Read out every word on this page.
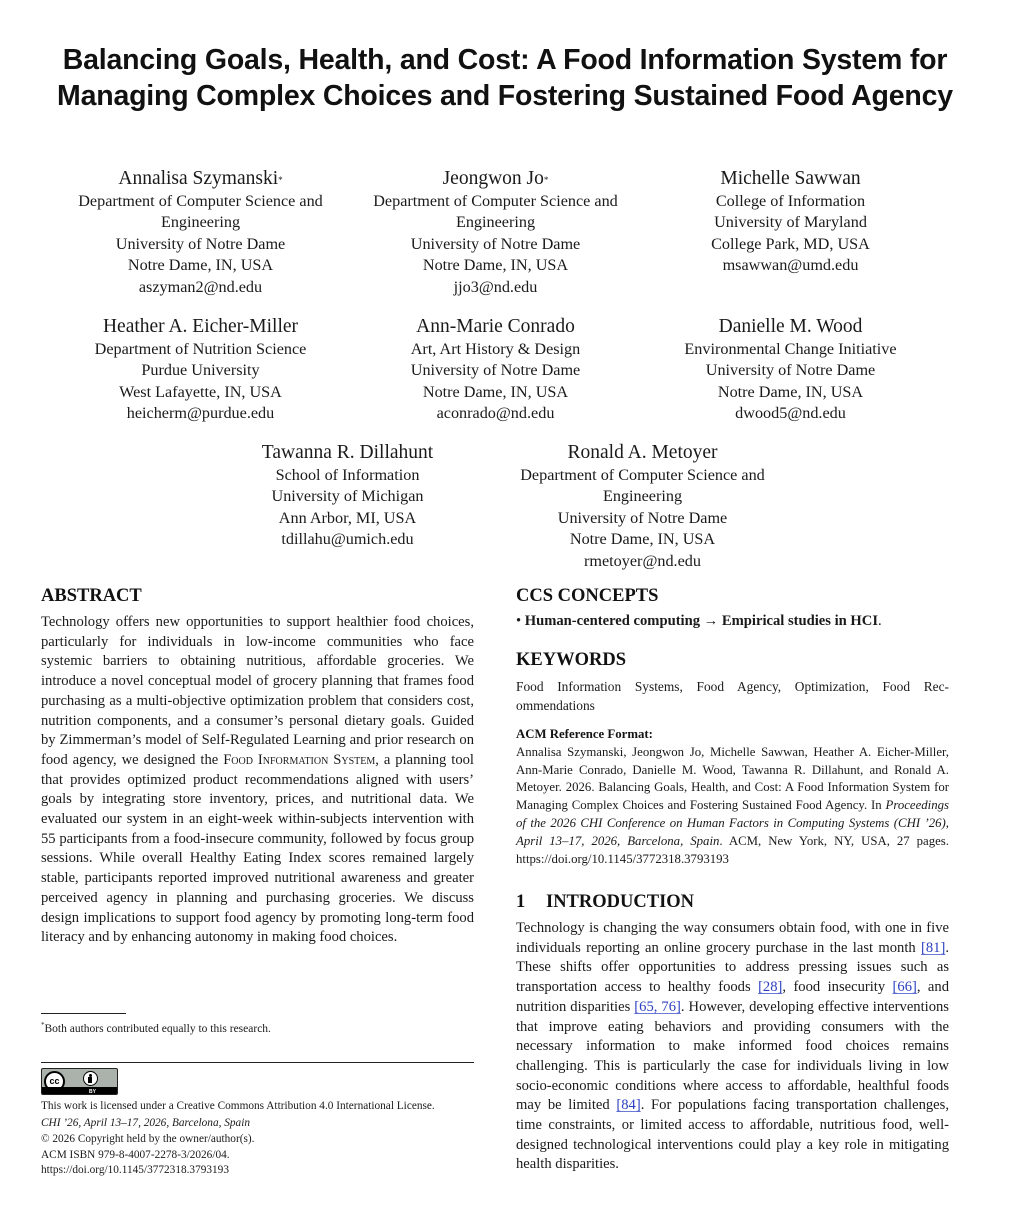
Balancing Goals, Health, and Cost: A Food Information System for Managing Complex Choices and Fostering Sustained Food Agency
Annalisa Szymanski*
Department of Computer Science and
Engineering
University of Notre Dame
Notre Dame, IN, USA
aszyman2@nd.edu
Jeongwon Jo*
Department of Computer Science and
Engineering
University of Notre Dame
Notre Dame, IN, USA
jjo3@nd.edu
Michelle Sawwan
College of Information
University of Maryland
College Park, MD, USA
msawwan@umd.edu
Heather A. Eicher-Miller
Department of Nutrition Science
Purdue University
West Lafayette, IN, USA
heicherm@purdue.edu
Ann-Marie Conrado
Art, Art History & Design
University of Notre Dame
Notre Dame, IN, USA
aconrado@nd.edu
Danielle M. Wood
Environmental Change Initiative
University of Notre Dame
Notre Dame, IN, USA
dwood5@nd.edu
Tawanna R. Dillahunt
School of Information
University of Michigan
Ann Arbor, MI, USA
tdillahu@umich.edu
Ronald A. Metoyer
Department of Computer Science and
Engineering
University of Notre Dame
Notre Dame, IN, USA
rmetoyer@nd.edu
ABSTRACT

Technology offers new opportunities to support healthier food choices, particularly for individuals in low-income communities who face systemic barriers to obtaining nutritious, affordable groceries. We introduce a novel conceptual model of grocery planning that frames food purchasing as a multi-objective optimization problem that considers cost, nutrition components, and a consumer’s personal dietary goals. Guided by Zimmerman’s model of Self-Regulated Learning and prior research on food agency, we designed the Food Information System, a planning tool that provides optimized product recommendations aligned with users’ goals by integrating store inventory, prices, and nutritional data. We evaluated our system in an eight-week within-subjects intervention with 55 participants from a food-insecure community, followed by focus group sessions. While overall Healthy Eating Index scores remained largely stable, participants reported improved nutritional awareness and greater perceived agency in planning and purchasing groceries. We discuss design implications to support food agency by promoting long-term food literacy and by enhancing autonomy in making food choices.

*Both authors contributed equally to this research.
cc
BY
This work is licensed under a Creative Commons Attribution 4.0 International License.
CHI ’26, April 13–17, 2026, Barcelona, Spain
© 2026 Copyright held by the owner/author(s).
ACM ISBN 979-8-4007-2278-3/2026/04.
https://doi.org/10.1145/3772318.3793193
CCS CONCEPTS

• Human-centered computing → Empirical studies in HCI.

KEYWORDS

Food Information Systems, Food Agency, Optimization, Food Recommendations

ACM Reference Format:

Annalisa Szymanski, Jeongwon Jo, Michelle Sawwan, Heather A. Eicher-Miller, Ann-Marie Conrado, Danielle M. Wood, Tawanna R. Dillahunt, and Ronald A. Metoyer. 2026. Balancing Goals, Health, and Cost: A Food Information System for Managing Complex Choices and Fostering Sustained Food Agency. In Proceedings of the 2026 CHI Conference on Human Factors in Computing Systems (CHI ’26), April 13–17, 2026, Barcelona, Spain. ACM, New York, NY, USA, 27 pages. https://doi.org/10.1145/3772318.3793193

1 INTRODUCTION

Technology is changing the way consumers obtain food, with one in five individuals reporting an online grocery purchase in the last month [81]. These shifts offer opportunities to address pressing issues such as transportation access to healthy foods [28], food insecurity [66], and nutrition disparities [65, 76]. However, developing effective interventions that improve eating behaviors and providing consumers with the necessary information to make informed food choices remains challenging. This is particularly the case for individuals living in low socio-economic conditions where access to affordable, healthful foods may be limited [84]. For populations facing transportation challenges, time constraints, or limited access to affordable, nutritious food, well-designed technological interventions could play a key role in mitigating health disparities.
